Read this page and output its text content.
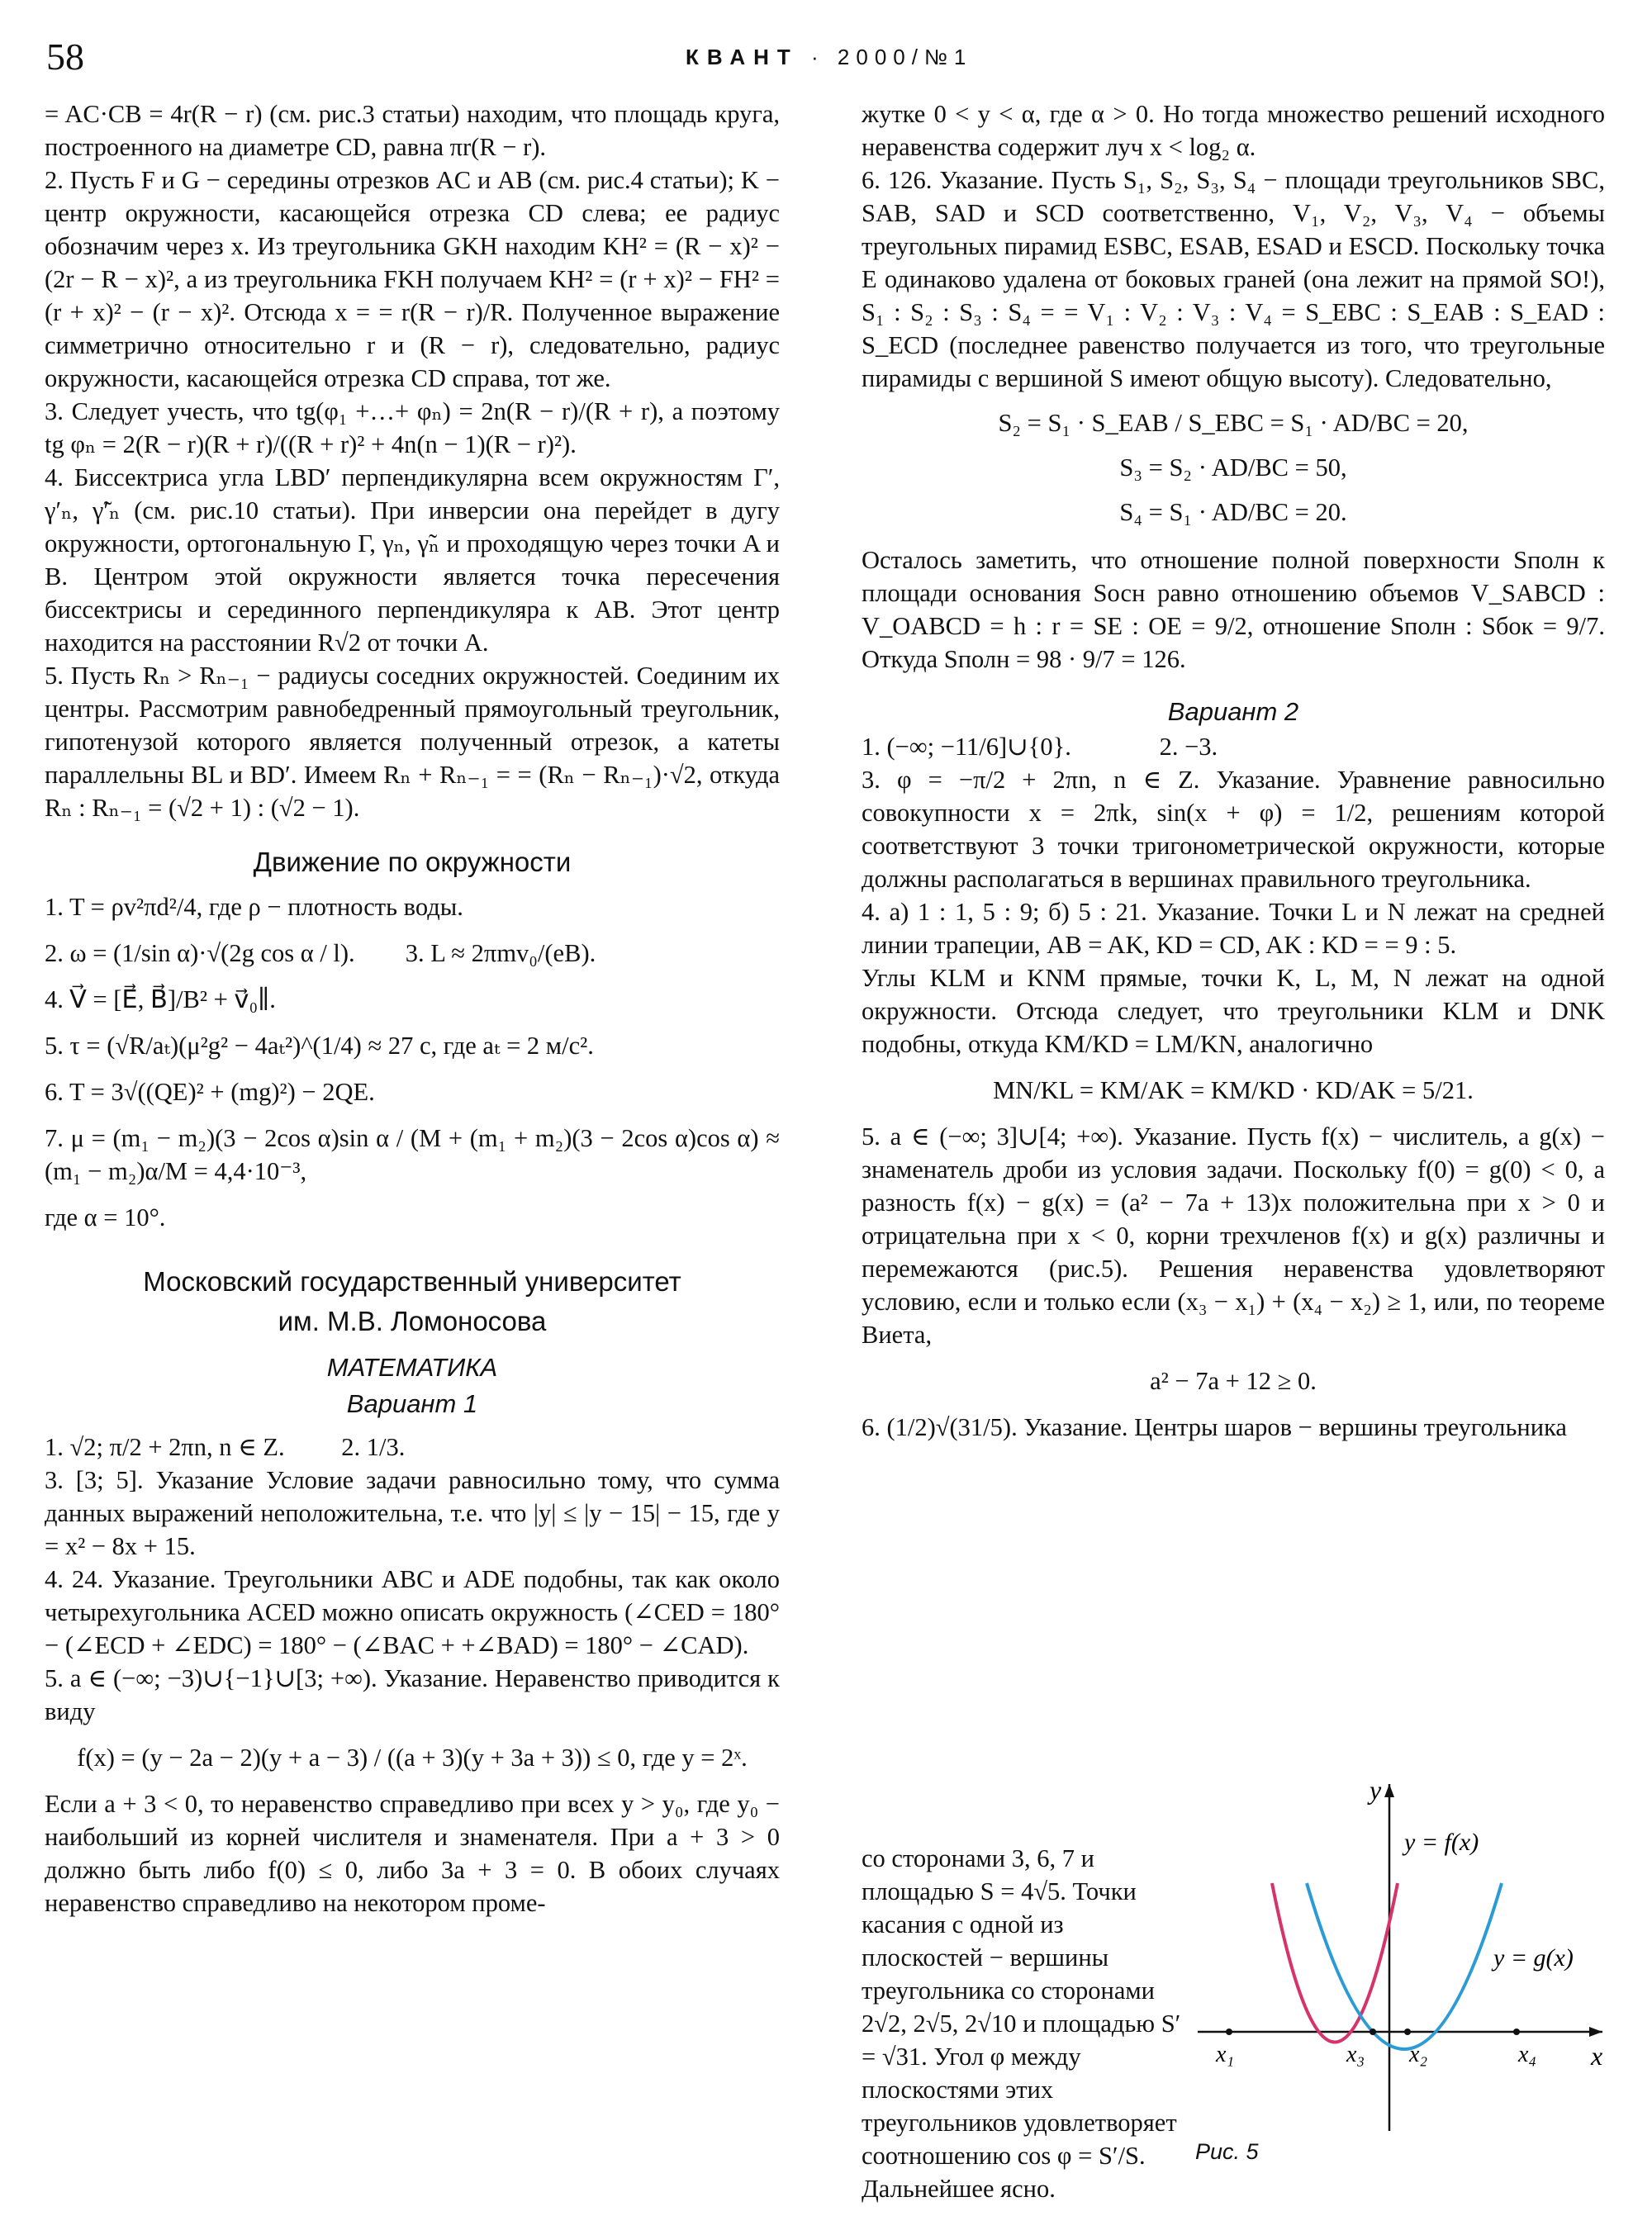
58	КВАНТ · 2000/№1

= AC·CB = 4r(R − r) (см. рис.3 статьи) находим, что площадь круга, построенного на диаметре CD, равна πr(R − r).

2. Пусть F и G − середины отрезков AC и AB (см. рис.4 статьи); K − центр окружности, касающейся отрезка CD слева; ее радиус обозначим через x. Из треугольника GKH находим KH² = (R − x)² − (2r − R − x)², а из треугольника FKH получаем KH² = (r + x)² − FH² = (r + x)² − (r − x)². Отсюда x = = r(R − r)/R. Полученное выражение симметрично относительно r и (R − r), следовательно, радиус окружности, касающейся отрезка CD справа, тот же.

3. Следует учесть, что tg(φ₁ +…+ φₙ) = 2n(R − r)/(R + r), а поэтому tg φₙ = 2(R − r)(R + r)/((R + r)² + 4n(n − 1)(R − r)²).

4. Биссектриса угла LBD′ перпендикулярна всем окружностям Γ′, γ′ₙ, γ̃′ₙ (см. рис.10 статьи). При инверсии она перейдет в дугу окружности, ортогональную Γ, γₙ, γ̃ₙ и проходящую через точки A и B. Центром этой окружности является точка пересечения биссектрисы и серединного перпендикуляра к AB. Этот центр находится на расстоянии R√2 от точки A.

5. Пусть Rₙ > Rₙ₋₁ − радиусы соседних окружностей. Соединим их центры. Рассмотрим равнобедренный прямоугольный треугольник, гипотенузой которого является полученный отрезок, а катеты параллельны BL и BD′. Имеем Rₙ + Rₙ₋₁ = = (Rₙ − Rₙ₋₁)·√2, откуда Rₙ : Rₙ₋₁ = (√2 + 1) : (√2 − 1).

Движение по окружности

1. T = ρv²πd²/4, где ρ − плотность воды.

2. ω = (1/sin α)·√(2g cos α / l). 3. L ≈ 2πmv₀/(eB).

4. V⃗ = [E⃗, B⃗]/B² + v⃗₀∥.

5. τ = (√R/aₜ)(μ²g² − 4aₜ²)^(1/4) ≈ 27 с, где aₜ = 2 м/с².

6. T = 3√((QE)² + (mg)²) − 2QE.

7. μ = (m₁ − m₂)(3 − 2cos α)sin α / (M + (m₁ + m₂)(3 − 2cos α)cos α) ≈ (m₁ − m₂)α/M = 4,4·10⁻³,

где α = 10°.

Московский государственный университет
им. М.В. Ломоносова
МАТЕМАТИКА
Вариант 1

1. √2; π/2 + 2πn, n ∈ Z. 2. 1/3.

3. [3; 5]. Указание Условие задачи равносильно тому, что сумма данных выражений неположительна, т.е. что |y| ≤ |y − 15| − 15, где y = x² − 8x + 15.

4. 24. Указание. Треугольники ABC и ADE подобны, так как около четырехугольника ACED можно описать окружность (∠CED = 180° − (∠ECD + ∠EDC) = 180° − (∠BAC + +∠BAD) = 180° − ∠CAD).

5. a ∈ (−∞; −3)∪{−1}∪[3; +∞). Указание. Неравенство приводится к виду

f(x) = (y − 2a − 2)(y + a − 3) / ((a + 3)(y + 3a + 3)) ≤ 0, где y = 2ˣ.

Если a + 3 < 0, то неравенство справедливо при всех y > y₀, где y₀ − наибольший из корней числителя и знаменателя. При a + 3 > 0 должно быть либо f(0) ≤ 0, либо 3a + 3 = 0. В обоих случаях неравенство справедливо на некотором проме-

жутке 0 < y < α, где α > 0. Но тогда множество решений исходного неравенства содержит луч x < log₂ α.

6. 126. Указание. Пусть S₁, S₂, S₃, S₄ − площади треугольников SBC, SAB, SAD и SCD соответственно, V₁, V₂, V₃, V₄ − объемы треугольных пирамид ESBC, ESAB, ESAD и ESCD. Поскольку точка E одинаково удалена от боковых граней (она лежит на прямой SO!), S₁ : S₂ : S₃ : S₄ = = V₁ : V₂ : V₃ : V₄ = S_EBC : S_EAB : S_EAD : S_ECD (последнее равенство получается из того, что треугольные пирамиды с вершиной S имеют общую высоту). Следовательно,

S₂ = S₁ · S_EAB / S_EBC = S₁ · AD/BC = 20,

S₃ = S₂ · AD/BC = 50,

S₄ = S₁ · AD/BC = 20.

Осталось заметить, что отношение полной поверхности Sполн к площади основания Sосн равно отношению объемов V_SABCD : V_OABCD = h : r = SE : OE = 9/2, отношение Sполн : Sбок = 9/7. Откуда Sполн = 98 · 9/7 = 126.

Вариант 2

1. (−∞; −11/6]∪{0}.	2. −3.

3. φ = −π/2 + 2πn, n ∈ Z. Указание. Уравнение равносильно совокупности x = 2πk, sin(x + φ) = 1/2, решениям которой соответствуют 3 точки тригонометрической окружности, которые должны располагаться в вершинах правильного треугольника.

4. а) 1 : 1, 5 : 9; б) 5 : 21. Указание. Точки L и N лежат на средней линии трапеции, AB = AK, KD = CD, AK : KD = = 9 : 5.

Углы KLM и KNM прямые, точки K, L, M, N лежат на одной окружности. Отсюда следует, что треугольники KLM и DNK подобны, откуда KM/KD = LM/KN, аналогично

MN/KL = KM/AK = KM/KD · KD/AK = 5/21.

5. a ∈ (−∞; 3]∪[4; +∞). Указание. Пусть f(x) − числитель, а g(x) − знаменатель дроби из условия задачи. Поскольку f(0) = g(0) < 0, а разность f(x) − g(x) = (a² − 7a + 13)x положительна при x > 0 и отрицательна при x < 0, корни трехчленов f(x) и g(x) различны и перемежаются (рис.5). Решения неравенства удовлетворяют условию, если и только если (x₃ − x₁) + (x₄ − x₂) ≥ 1, или, по теореме Виета,

a² − 7a + 12 ≥ 0.

6. (1/2)√(31/5). Указание. Центры шаров − вершины треугольника

со сторонами 3, 6, 7 и площадью S = 4√5. Точки касания с одной из плоскостей − вершины треугольника со сторонами 2√2, 2√5, 2√10 и площадью S′ = √31. Угол φ между плоскостями этих треугольников удовлетворяет соотношению cos φ = S′/S. Дальнейшее ясно.

y
x
y = f(x)
y = g(x)
x₁	x₃ x₂	x₄
Рис. 5
